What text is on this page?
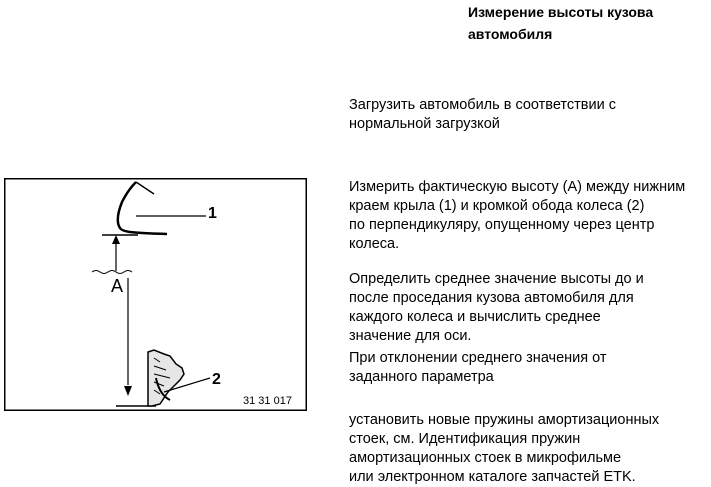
Измерение высоты кузова
автомобиля
Загрузить автомобиль в соответствии с
нормальной загрузкой
Измерить фактическую высоту (А) между нижним
краем крыла (1) и кромкой обода колеса (2)
по перпендикуляру, опущенному через центр
колеса.
Определить среднее значение высоты до и
после проседания кузова автомобиля для
каждого колеса и вычислить среднее
значение для оси.
При отклонении среднего значения от
заданного параметра
установить новые пружины амортизационных
стоек, см. Идентификация пружин
амортизационных стоек в микрофильме
или электронном каталоге запчастей ETK.
1
2
A
31 31 017
